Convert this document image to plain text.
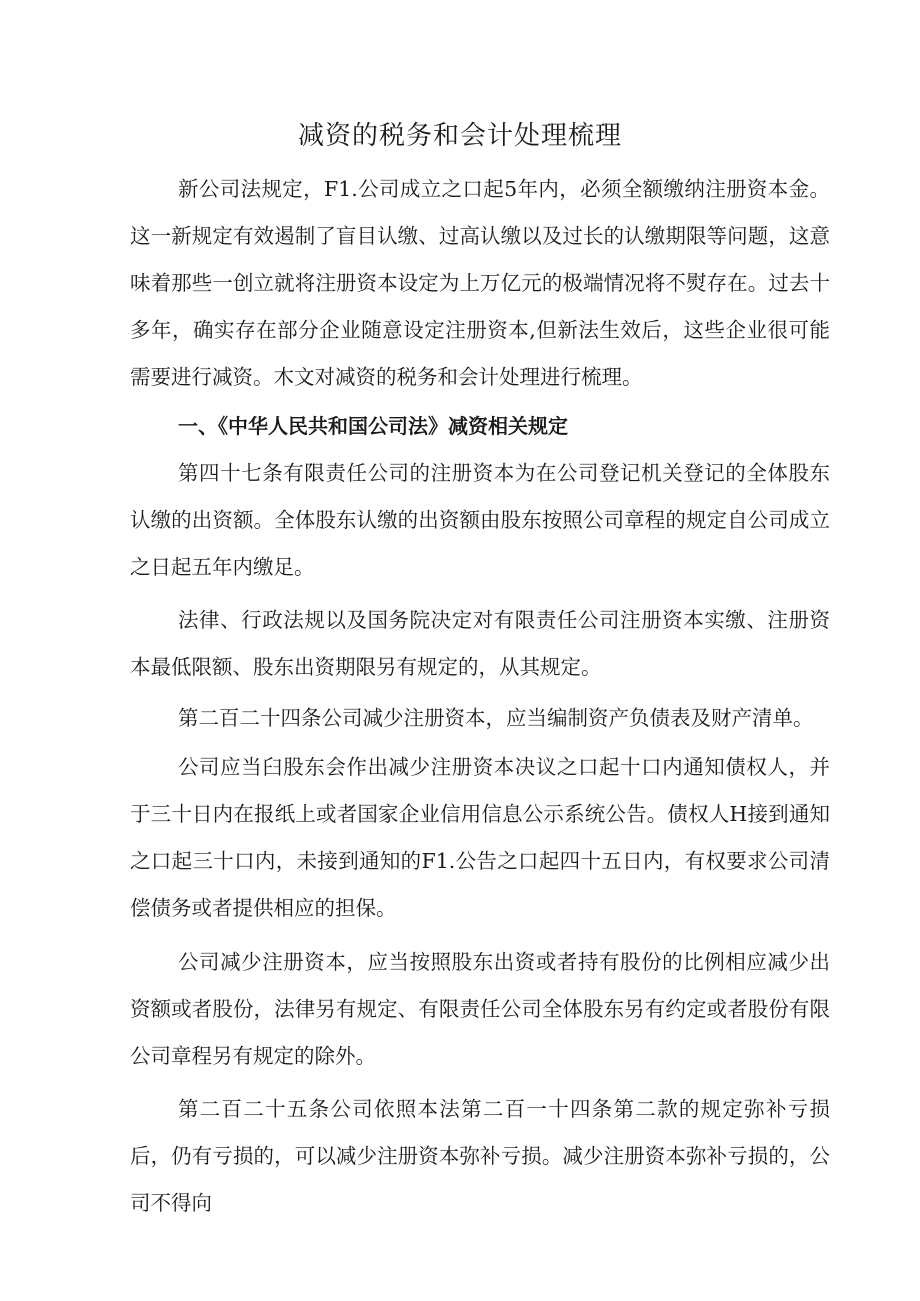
减资的税务和会计处理梳理

新公司法规定，F1.公司成立之口起5年内，必须全额缴纳注册资本金。这一新规定有效遏制了盲目认缴、过高认缴以及过长的认缴期限等问题，这意味着那些一创立就将注册资本设定为上万亿元的极端情况将不熨存在。过去十多年，确实存在部分企业随意设定注册资本,但新法生效后，这些企业很可能需要进行减资。木文对减资的税务和会计处理进行梳理。

一、《中华人民共和国公司法》减资相关规定

第四十七条有限责任公司的注册资本为在公司登记机关登记的全体股东认缴的出资额。全体股东认缴的出资额由股东按照公司章程的规定自公司成立之日起五年内缴足。

法律、行政法规以及国务院决定对有限责任公司注册资本实缴、注册资本最低限额、股东出资期限另有规定的，从其规定。

第二百二十四条公司减少注册资本，应当编制资产负债表及财产清单。

公司应当臼股东会作出减少注册资本决议之口起十口内通知债权人，并于三十日内在报纸上或者国家企业信用信息公示系统公告。债权人H接到通知之口起三十口内，未接到通知的F1.公告之口起四十五日内，有权要求公司清偿债务或者提供相应的担保。

公司减少注册资本，应当按照股东出资或者持有股份的比例相应减少出资额或者股份，法律另有规定、有限责任公司全体股东另有约定或者股份有限公司章程另有规定的除外。

第二百二十五条公司依照本法第二百一十四条第二款的规定弥补亏损后，仍有亏损的，可以减少注册资本弥补亏损。减少注册资本弥补亏损的，公司不得向
